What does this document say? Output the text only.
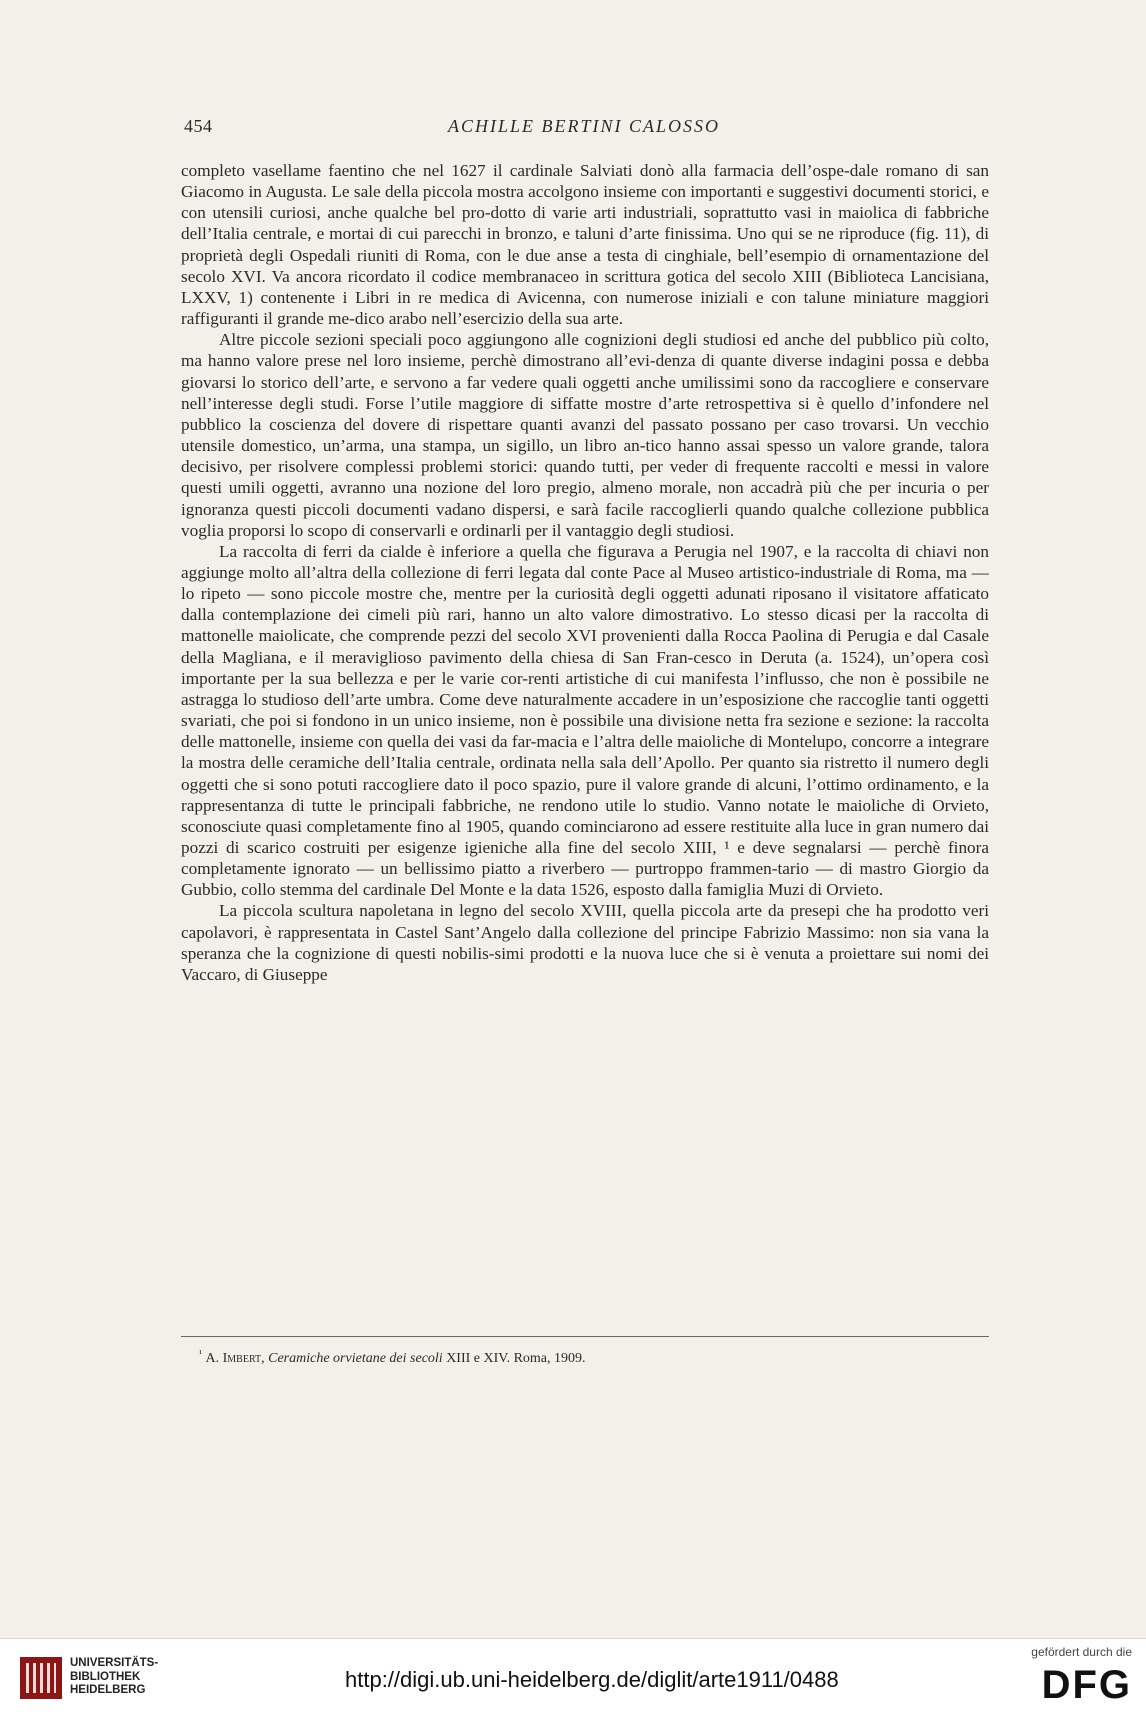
454	ACHILLE BERTINI CALOSSO

completo vasellame faentino che nel 1627 il cardinale Salviati donò alla farmacia dell’ospe-dale romano di san Giacomo in Augusta. Le sale della piccola mostra accolgono insieme con importanti e suggestivi documenti storici, e con utensili curiosi, anche qualche bel pro-dotto di varie arti industriali, soprattutto vasi in maiolica di fabbriche dell’Italia centrale, e mortai di cui parecchi in bronzo, e taluni d’arte finissima. Uno qui se ne riproduce (fig. 11), di proprietà degli Ospedali riuniti di Roma, con le due anse a testa di cinghiale, bell’esempio di ornamentazione del secolo XVI. Va ancora ricordato il codice membranaceo in scrittura gotica del secolo XIII (Biblioteca Lancisiana, LXXV, 1) contenente i Libri in re medica di Avicenna, con numerose iniziali e con talune miniature maggiori raffiguranti il grande me-dico arabo nell’esercizio della sua arte.

Altre piccole sezioni speciali poco aggiungono alle cognizioni degli studiosi ed anche del pubblico più colto, ma hanno valore prese nel loro insieme, perchè dimostrano all’evi-denza di quante diverse indagini possa e debba giovarsi lo storico dell’arte, e servono a far vedere quali oggetti anche umilissimi sono da raccogliere e conservare nell’interesse degli studi. Forse l’utile maggiore di siffatte mostre d’arte retrospettiva si è quello d’infondere nel pubblico la coscienza del dovere di rispettare quanti avanzi del passato possano per caso trovarsi. Un vecchio utensile domestico, un’arma, una stampa, un sigillo, un libro an-tico hanno assai spesso un valore grande, talora decisivo, per risolvere complessi problemi storici: quando tutti, per veder di frequente raccolti e messi in valore questi umili oggetti, avranno una nozione del loro pregio, almeno morale, non accadrà più che per incuria o per ignoranza questi piccoli documenti vadano dispersi, e sarà facile raccoglierli quando qualche collezione pubblica voglia proporsi lo scopo di conservarli e ordinarli per il vantaggio degli studiosi.

La raccolta di ferri da cialde è inferiore a quella che figurava a Perugia nel 1907, e la raccolta di chiavi non aggiunge molto all’altra della collezione di ferri legata dal conte Pace al Museo artistico-industriale di Roma, ma — lo ripeto — sono piccole mostre che, mentre per la curiosità degli oggetti adunati riposano il visitatore affaticato dalla contemplazione dei cimeli più rari, hanno un alto valore dimostrativo. Lo stesso dicasi per la raccolta di mattonelle maiolicate, che comprende pezzi del secolo XVI provenienti dalla Rocca Paolina di Perugia e dal Casale della Magliana, e il meraviglioso pavimento della chiesa di San Fran-cesco in Deruta (a. 1524), un’opera così importante per la sua bellezza e per le varie cor-renti artistiche di cui manifesta l’influsso, che non è possibile ne astragga lo studioso dell’arte umbra. Come deve naturalmente accadere in un’esposizione che raccoglie tanti oggetti svariati, che poi si fondono in un unico insieme, non è possibile una divisione netta fra sezione e sezione: la raccolta delle mattonelle, insieme con quella dei vasi da far-macia e l’altra delle maioliche di Montelupo, concorre a integrare la mostra delle ceramiche dell’Italia centrale, ordinata nella sala dell’Apollo. Per quanto sia ristretto il numero degli oggetti che si sono potuti raccogliere dato il poco spazio, pure il valore grande di alcuni, l’ottimo ordinamento, e la rappresentanza di tutte le principali fabbriche, ne rendono utile lo studio. Vanno notate le maioliche di Orvieto, sconosciute quasi completamente fino al 1905, quando cominciarono ad essere restituite alla luce in gran numero dai pozzi di scarico costruiti per esigenze igieniche alla fine del secolo XIII, ¹ e deve segnalarsi — perchè finora completamente ignorato — un bellissimo piatto a riverbero — purtroppo frammen-tario — di mastro Giorgio da Gubbio, collo stemma del cardinale Del Monte e la data 1526, esposto dalla famiglia Muzi di Orvieto.

La piccola scultura napoletana in legno del secolo XVIII, quella piccola arte da presepi che ha prodotto veri capolavori, è rappresentata in Castel Sant’Angelo dalla collezione del principe Fabrizio Massimo: non sia vana la speranza che la cognizione di questi nobilis-simi prodotti e la nuova luce che si è venuta a proiettare sui nomi dei Vaccaro, di Giuseppe

$^{^1}$ A. Imbert, Ceramiche orvietane dei secoli XIII e XIV. Roma, 1909.
UNIVERSITÄTS-
BIBLIOTHEK
HEIDELBERG	http://digi.ub.uni-heidelberg.de/diglit/arte1911/0488
gefördert durch die
DFG
